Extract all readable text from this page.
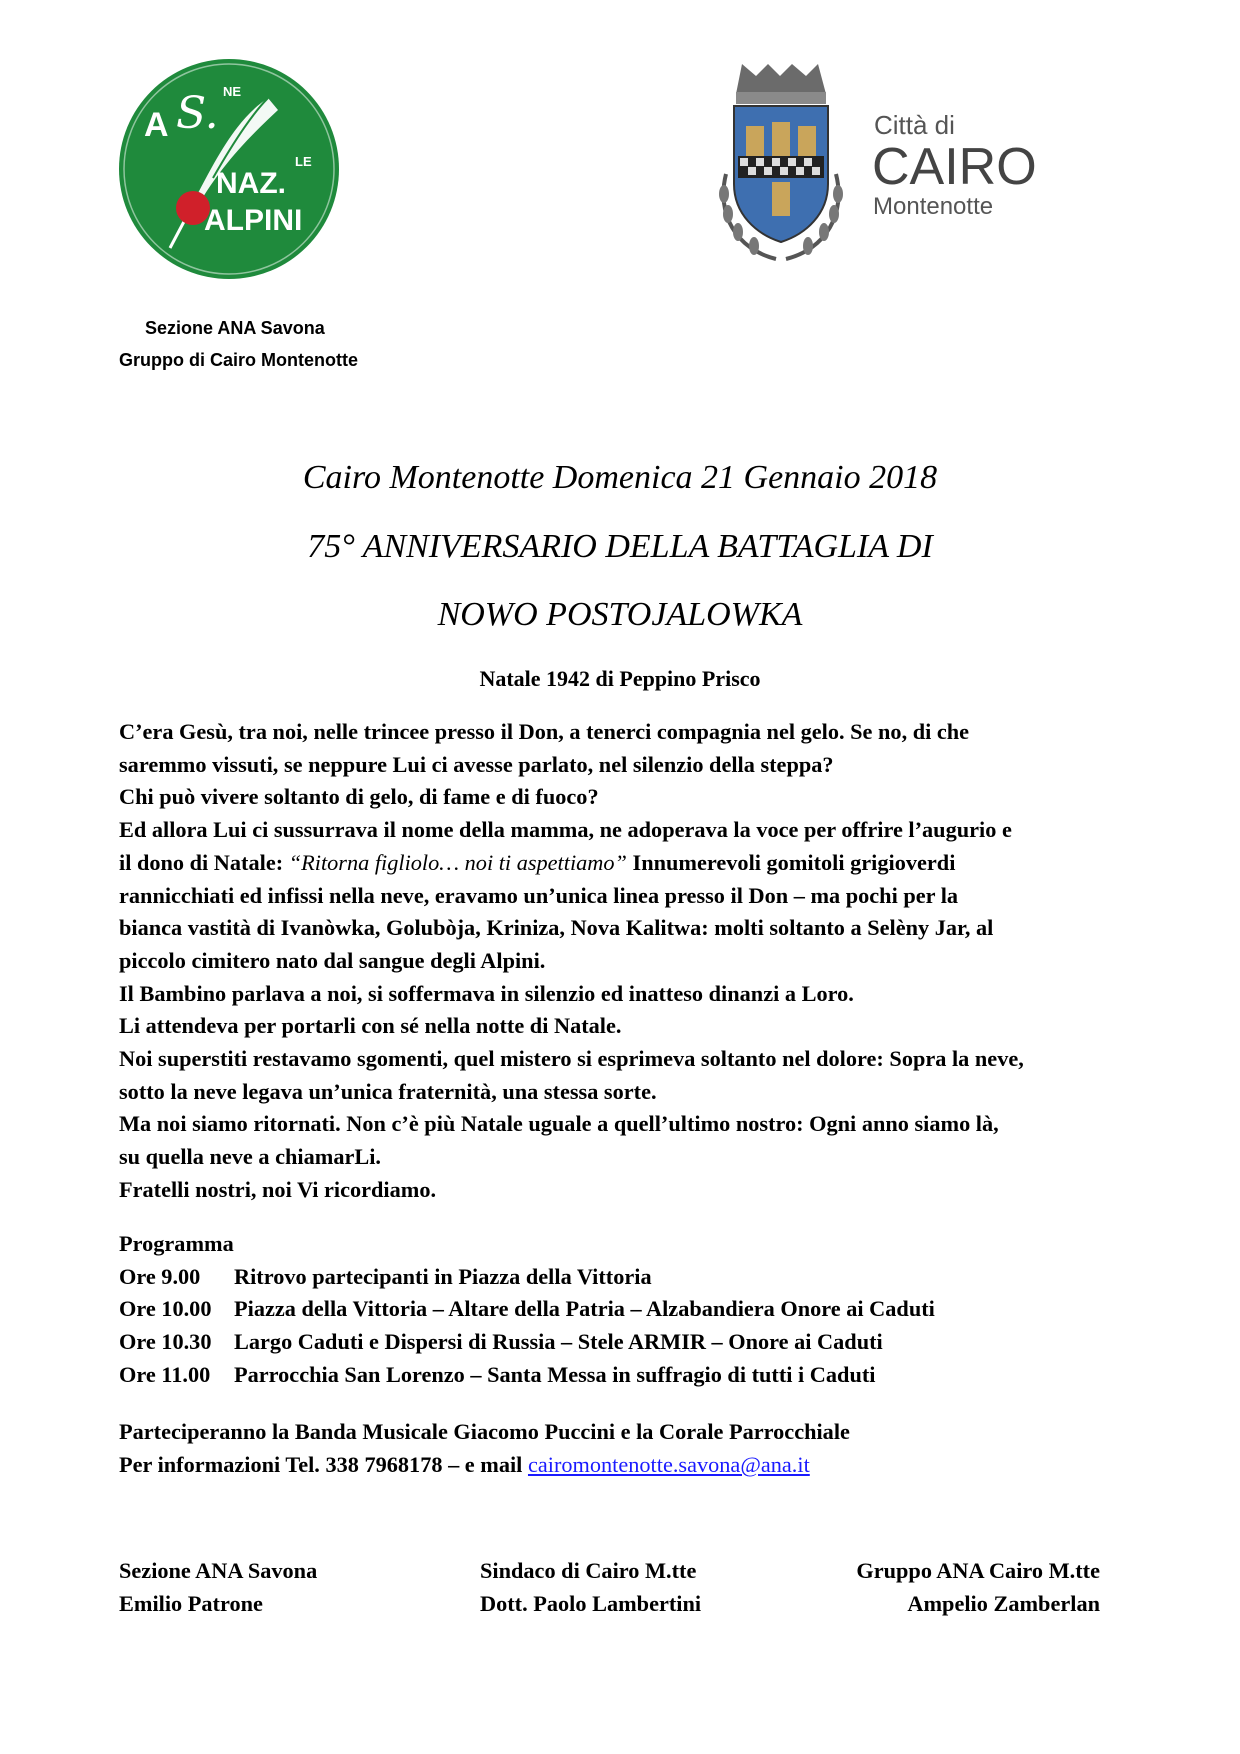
A S. NE
NAZ.
LE
ALPINI
Città di
CAIRO
Montenotte
Sezione ANA Savona
Gruppo di Cairo Montenotte
Cairo Montenotte Domenica 21 Gennaio 2018
75° ANNIVERSARIO DELLA BATTAGLIA DI
NOWO POSTOJALOWKA
Natale 1942 di Peppino Prisco

C’era Gesù, tra noi, nelle trincee presso il Don, a tenerci compagnia nel gelo. Se no, di che

saremmo vissuti, se neppure Lui ci avesse parlato, nel silenzio della steppa?

Chi può vivere soltanto di gelo, di fame e di fuoco?

Ed allora Lui ci sussurrava il nome della mamma, ne adoperava la voce per offrire l’augurio e

il dono di Natale: “Ritorna figliolo… noi ti aspettiamo” Innumerevoli gomitoli grigioverdi

rannicchiati ed infissi nella neve, eravamo un’unica linea presso il Don – ma pochi per la

bianca vastità di Ivanòwka, Golubòja, Kriniza, Nova Kalitwa: molti soltanto a Selèny Jar, al

piccolo cimitero nato dal sangue degli Alpini.

Il Bambino parlava a noi, si soffermava in silenzio ed inatteso dinanzi a Loro.

Li attendeva per portarli con sé nella notte di Natale.

Noi superstiti restavamo sgomenti, quel mistero si esprimeva soltanto nel dolore: Sopra la neve,

sotto la neve legava un’unica fraternità, una stessa sorte.

Ma noi siamo ritornati. Non c’è più Natale uguale a quell’ultimo nostro: Ogni anno siamo là,

su quella neve a chiamarLi.

Fratelli nostri, noi Vi ricordiamo.

Programma
Ore 9.00 Ritrovo partecipanti in Piazza della Vittoria
Ore 10.00 Piazza della Vittoria – Altare della Patria – Alzabandiera Onore ai Caduti
Ore 10.30 Largo Caduti e Dispersi di Russia – Stele ARMIR – Onore ai Caduti
Ore 11.00 Parrocchia San Lorenzo – Santa Messa in suffragio di tutti i Caduti
Parteciperanno la Banda Musicale Giacomo Puccini e la Corale Parrocchiale
Per informazioni Tel. 338 7968178 – e mail cairomontenotte.savona@ana.it
Sezione ANA Savona
Emilio Patrone
Sindaco di Cairo M.tte
Dott. Paolo Lambertini
Gruppo ANA Cairo M.tte
Ampelio Zamberlan
